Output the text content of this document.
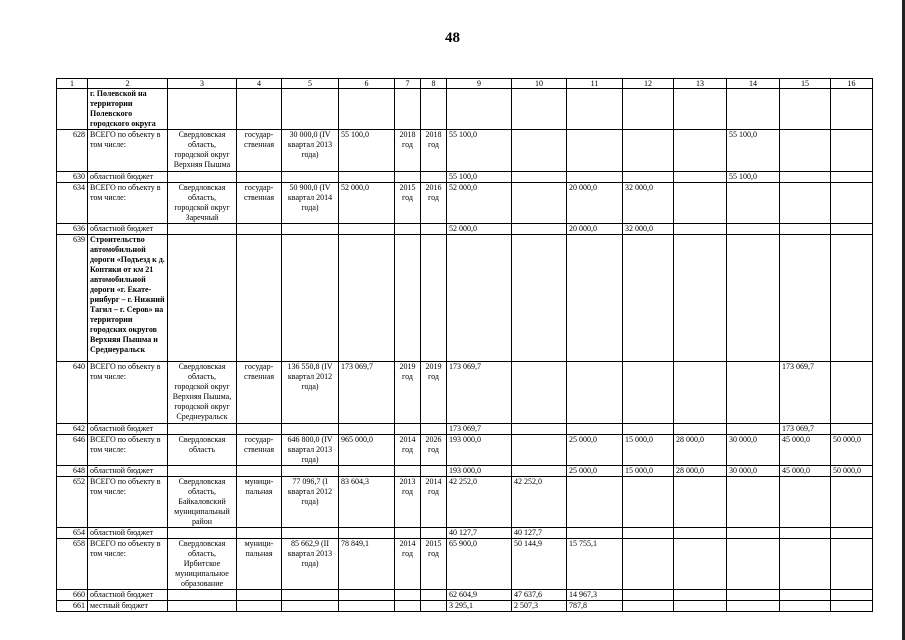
48
1	2	3	4	5	6	7	8	9	10	11	12	13	14	15	16
	г. Полевской на территории Полевского городского округа														
628	ВСЕГО по объекту в том числе:	Свердловская область, городской округ Верхняя Пышма	государ-ственная	30 000,0 (IV квартал 2013 года)	55 100,0	2018 год	2018 год	55 100,0					55 100,0		
630	областной бюджет							55 100,0					55 100,0		
634	ВСЕГО по объекту в том числе:	Свердловская область, городской округ Заречный	государ-ственная	50 900,0 (IV квартал 2014 года)	52 000,0	2015 год	2016 год	52 000,0		20 000,0	32 000,0				
636	областной бюджет							52 000,0		20 000,0	32 000,0				
639	Строительство автомобильной дороги «Подъезд к д. Коптяки от км 21 автомобильной дороги «г. Екате-ринбург – г. Нижний Тагил – г. Серов» на территории городских округов Верхняя Пышма и Среднеуральск														
640	ВСЕГО по объекту в том числе:	Свердловская область, городской округ Верхняя Пышма, городской округ Среднеуральск	государ-ственная	136 550,8 (IV квартал 2012 года)	173 069,7	2019 год	2019 год	173 069,7						173 069,7	
642	областной бюджет							173 069,7						173 069,7	
646	ВСЕГО по объекту в том числе:	Свердловская область	государ-ственная	646 800,0 (IV квартал 2013 года)	965 000,0	2014 год	2026 год	193 000,0		25 000,0	15 000,0	28 000,0	30 000,0	45 000,0	50 000,0
648	областной бюджет							193 000,0		25 000,0	15 000,0	28 000,0	30 000,0	45 000,0	50 000,0
652	ВСЕГО по объекту в том числе:	Свердловская область, Байкаловский муниципальный район	муници-пальная	77 096,7 (I квартал 2012 года)	83 604,3	2013 год	2014 год	42 252,0	42 252,0						
654	областной бюджет							40 127,7	40 127,7						
658	ВСЕГО по объекту в том числе:	Свердловская область, Ирбитское муниципальное образование	муници-пальная	85 662,9 (II квартал 2013 года)	78 849,1	2014 год	2015 год	65 900,0	50 144,9	15 755,1					
660	областной бюджет							62 604,9	47 637,6	14 967,3					
661	местный бюджет							3 295,1	2 507,3	787,8					
